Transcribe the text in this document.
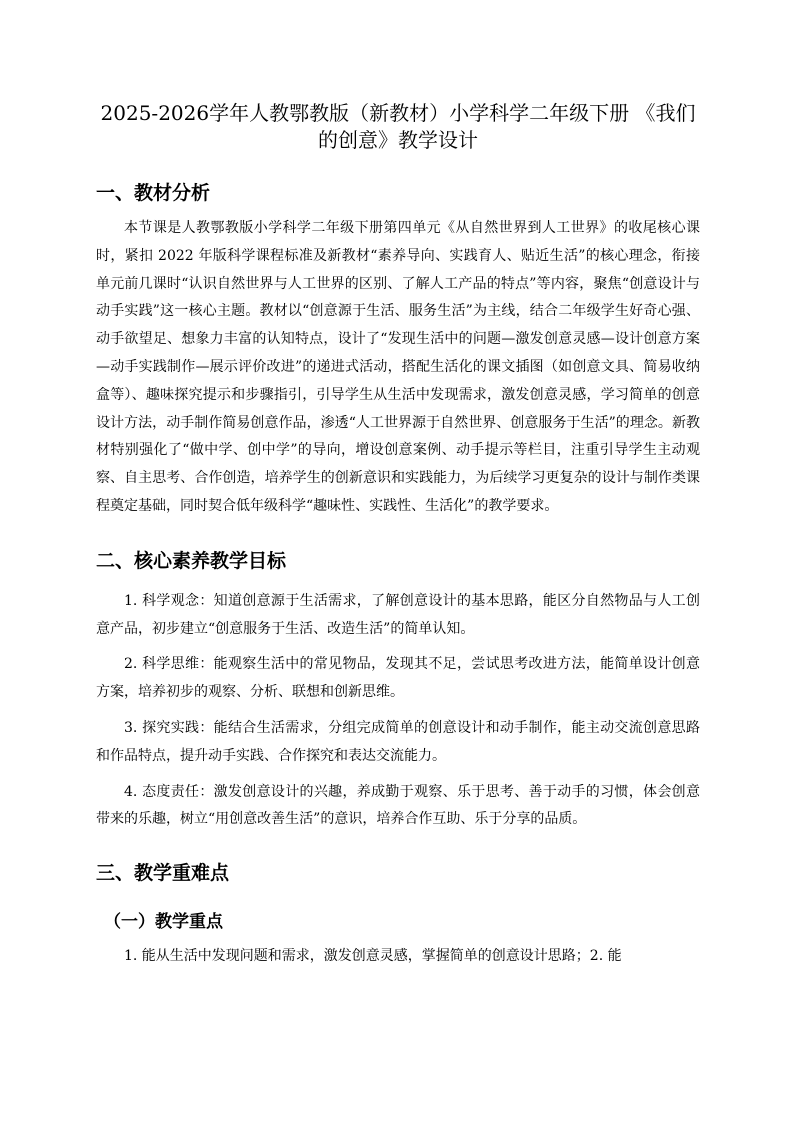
2025-2026学年人教鄂教版（新教材）小学科学二年级下册 《我们的创意》教学设计
一、教材分析

本节课是人教鄂教版小学科学二年级下册第四单元《从自然世界到人工世界》的收尾核心课时，紧扣 2022 年版科学课程标准及新教材“素养导向、实践育人、贴近生活”的核心理念，衔接单元前几课时“认识自然世界与人工世界的区别、了解人工产品的特点”等内容，聚焦“创意设计与动手实践”这一核心主题。教材以“创意源于生活、服务生活”为主线，结合二年级学生好奇心强、动手欲望足、想象力丰富的认知特点，设计了“发现生活中的问题—激发创意灵感—设计创意方案—动手实践制作—展示评价改进”的递进式活动，搭配生活化的课文插图（如创意文具、简易收纳盒等）、趣味探究提示和步骤指引，引导学生从生活中发现需求，激发创意灵感，学习简单的创意设计方法，动手制作简易创意作品，渗透“人工世界源于自然世界、创意服务于生活”的理念。新教材特别强化了“做中学、创中学”的导向，增设创意案例、动手提示等栏目，注重引导学生主动观察、自主思考、合作创造，培养学生的创新意识和实践能力，为后续学习更复杂的设计与制作类课程奠定基础，同时契合低年级科学“趣味性、实践性、生活化”的教学要求。

二、核心素养教学目标

1. 科学观念：知道创意源于生活需求，了解创意设计的基本思路，能区分自然物品与人工创意产品，初步建立“创意服务于生活、改造生活”的简单认知。

2. 科学思维：能观察生活中的常见物品，发现其不足，尝试思考改进方法，能简单设计创意方案，培养初步的观察、分析、联想和创新思维。

3. 探究实践：能结合生活需求，分组完成简单的创意设计和动手制作，能主动交流创意思路和作品特点，提升动手实践、合作探究和表达交流能力。

4. 态度责任：激发创意设计的兴趣，养成勤于观察、乐于思考、善于动手的习惯，体会创意带来的乐趣，树立“用创意改善生活”的意识，培养合作互助、乐于分享的品质。

三、教学重难点
（一）教学重点

1. 能从生活中发现问题和需求，激发创意灵感，掌握简单的创意设计思路；2. 能
